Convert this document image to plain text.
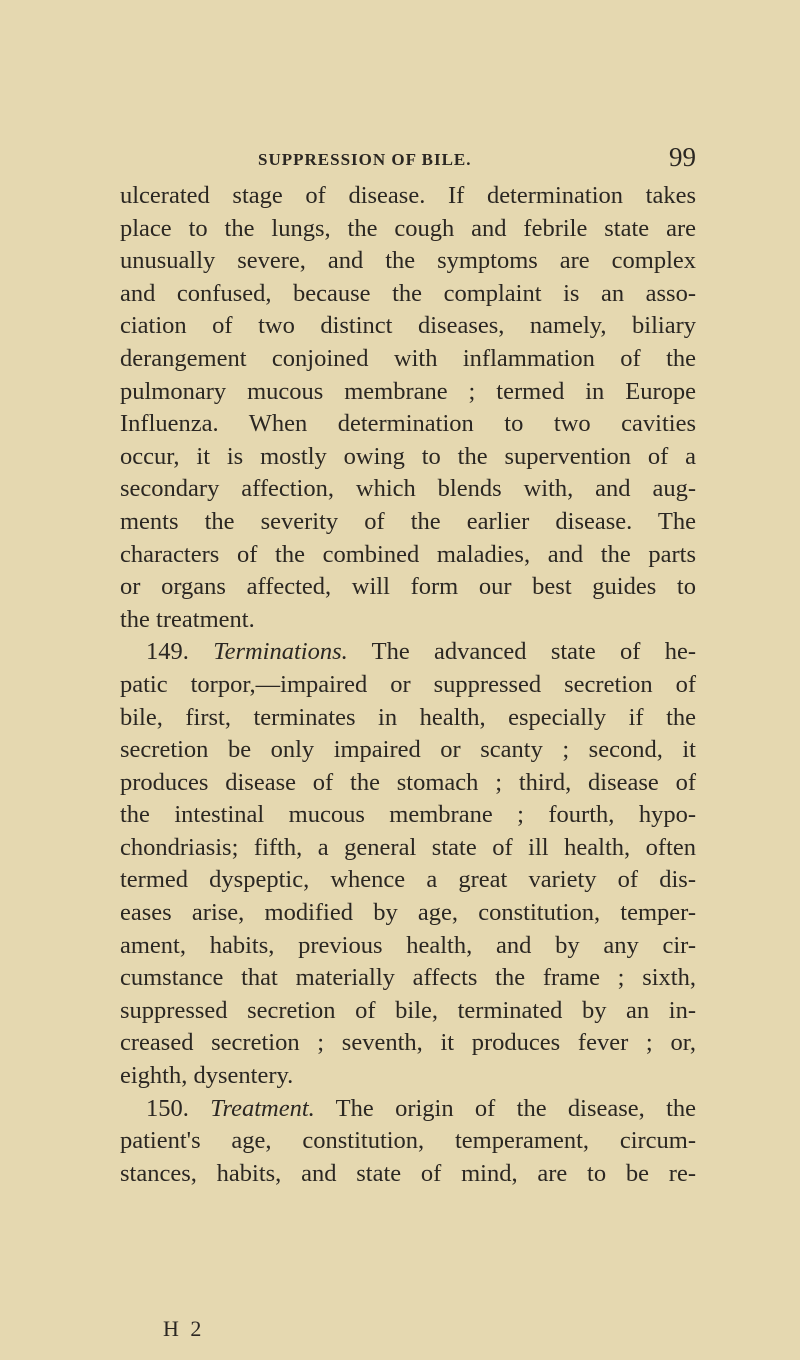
SUPPRESSION OF BILE.	99
ulcerated stage of disease. If determination takes
place to the lungs, the cough and febrile state are
unusually severe, and the symptoms are complex
and confused, because the complaint is an asso-
ciation of two distinct diseases, namely, biliary
derangement conjoined with inflammation of the
pulmonary mucous membrane ; termed in Europe
Influenza. When determination to two cavities
occur, it is mostly owing to the supervention of a
secondary affection, which blends with, and aug-
ments the severity of the earlier disease. The
characters of the combined maladies, and the parts
or organs affected, will form our best guides to
the treatment.
149. Terminations. The advanced state of he-
patic torpor,—impaired or suppressed secretion of
bile, first, terminates in health, especially if the
secretion be only impaired or scanty ; second, it
produces disease of the stomach ; third, disease of
the intestinal mucous membrane ; fourth, hypo-
chondriasis; fifth, a general state of ill health, often
termed dyspeptic, whence a great variety of dis-
eases arise, modified by age, constitution, temper-
ament, habits, previous health, and by any cir-
cumstance that materially affects the frame ; sixth,
suppressed secretion of bile, terminated by an in-
creased secretion ; seventh, it produces fever ; or,
eighth, dysentery.
150. Treatment. The origin of the disease, the
patient's age, constitution, temperament, circum-
stances, habits, and state of mind, are to be re-
H 2
